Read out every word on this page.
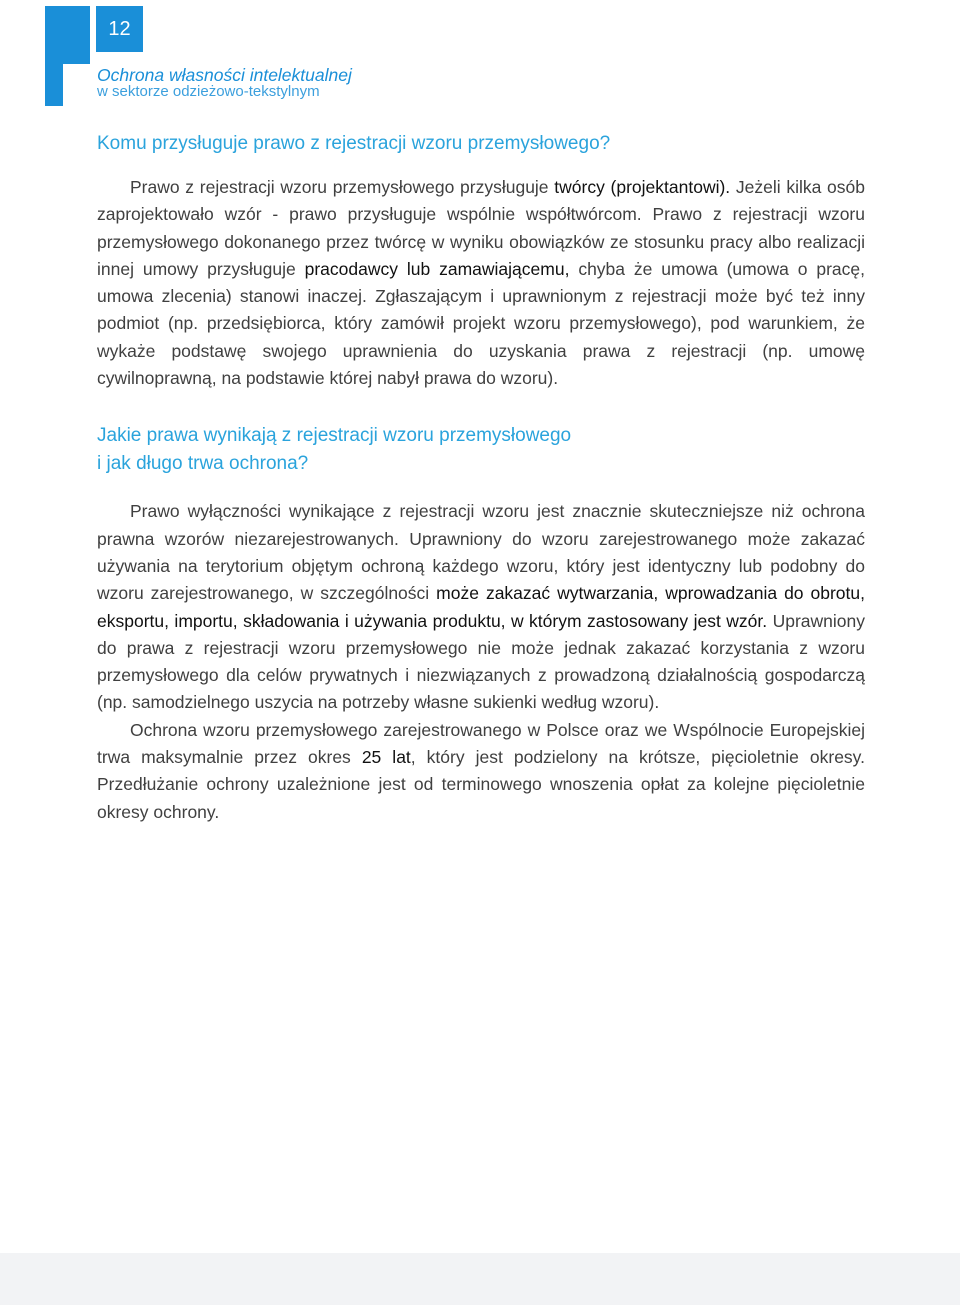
12
Ochrona własności intelektualnej
w sektorze odzieżowo-tekstylnym
Komu przysługuje prawo z rejestracji wzoru przemysłowego?

Prawo z rejestracji wzoru przemysłowego przysługuje twórcy (projektantowi). Jeżeli kilka osób zaprojektowało wzór - prawo przysługuje wspólnie współtwórcom. Prawo z rejestracji wzoru przemysłowego dokonanego przez twórcę w wyniku obowiązków ze stosunku pracy albo realizacji innej umowy przysługuje pracodawcy lub zamawiającemu, chyba że umowa (umowa o pracę, umowa zlecenia) stanowi inaczej. Zgłaszającym i uprawnionym z rejestracji może być też inny podmiot (np. przedsiębiorca, który zamówił projekt wzoru przemysłowego), pod warunkiem, że wykaże podstawę swojego uprawnienia do uzyskania prawa z rejestracji (np. umowę cywilnoprawną, na podstawie której nabył prawa do wzoru).

Jakie prawa wynikają z rejestracji wzoru przemysłowego
i jak długo trwa ochrona?

Prawo wyłączności wynikające z rejestracji wzoru jest znacznie skuteczniejsze niż ochrona prawna wzorów niezarejestrowanych. Uprawniony do wzoru zarejestrowanego może zakazać używania na terytorium objętym ochroną każdego wzoru, który jest identyczny lub podobny do wzoru zarejestrowanego, w szczególności może zakazać wytwarzania, wprowadzania do obrotu, eksportu, importu, składowania i używania produktu, w którym zastosowany jest wzór. Uprawniony do prawa z rejestracji wzoru przemysłowego nie może jednak zakazać korzystania z wzoru przemysłowego dla celów prywatnych i niezwiązanych z prowadzoną działalnością gospodarczą (np. samodzielnego uszycia na potrzeby własne sukienki według wzoru).

Ochrona wzoru przemysłowego zarejestrowanego w Polsce oraz we Wspólnocie Europejskiej trwa maksymalnie przez okres 25 lat, który jest podzielony na krótsze, pięcioletnie okresy. Przedłużanie ochrony uzależnione jest od terminowego wnoszenia opłat za kolejne pięcioletnie okresy ochrony.
